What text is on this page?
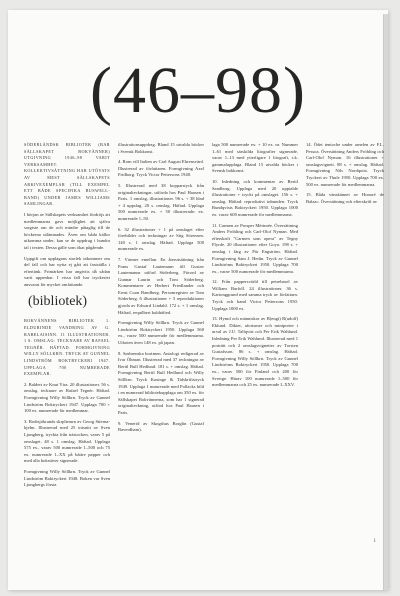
(46–98)

SÖDERLÄNDSK BIBLIOTEK (BAR SÄLLSKAPET BOKVÄNNER) UTGIVNING 1946–98 VARIT VERKSAMHET. KOLLEKTIVSÄTTNING HAR UTÖVATS AV MEST SÄLLSKAPETS ARKIVEXEMPLAR (TILL EXEMPEL ETT BÅDE SPECIFIKA BUSWELL-BAND) UNDER JAMES WILLIAMS SAMLINGAR.

I början av Sällskapets verksamhet fördröjs att medlemmarna gavs möjlighet att själva sorgiste om de och mindre påtaglig till de böckerna utlämnades. Även om båda källor utkomma under, kan se de uppdrag i hundra tal i texten. Dessa gälle som ökat pågående.

Uppgift om upplagans storlek utkommer om del fall och har nytta ej gått att fastställa i eftertänk. Frimärken har angivits då sådan varit uppenbar. I vissa fall har tryckeriet ansvarat för mycket omfattande.

(bibliotek)

BOKVÄNNENS BIBLIOTEK 1. ELDURINDE VANDRING AV G. RABELAISINN. 11 ILLUSTRATIONER. 1 S. OMSLAG: TECKNARE AV RAFAEL TEGNÉR. HÄFTAD. FORMGIVNING WILLY SÖLLKRN. TRYCK AV GUNNEL LINDSTRÖM BOKTRYCKERI 1947. UPPLAGA 700 NUMRERADE EXEMPLAR.

2. Baldert av Knut Ytra. 20 illustrationer. 56 s. omslag. tecknare av Rafael Tegnér. Häftad. Formgivning Willy Söllkrn. Tryck av Gunnel Lindström Boktryckeri 1947. Upplaga 700 + 100 ex. numrerade för medlemmar.

3. Bodisjökrands skrpltrmrn av Georg Stierna-hjelm. Illustrerad med 25 träsnitt av Sven Ljungberg, tryckta från trästocken, varav 5 på omslaget. 48 s. 1 omslag. Häftad. Upplaga 575 ex., varav 500 numrerade 1–500 och 75 ex. numrerade 1–XX på bättre papper och med alla bokstäver signerade.

Formgivning Willy Söllkrn. Tryck av Gunnel Lindström Boktryckeri 1948. Boken var Sven Ljungbergs första

illustrationsuppdrag. Bland 15 utvalda böcker i Svensk Bokkonst.

4. Rom vill Italien av Carl August Ehrensvärd. Illustrerad av författaren. Formgivning Axel Fridborg. Tryck Victor Pettersons 1948.

5. Illustrerad med 38 kopparstyck från originalteckningar, utförda hos Paul Haasen i Paris. 1 omslag, illustrationer. 96 s. + 38 blad + 4 uppslag. 20 s. omslag. Häftad. Upplaga 500 numrerade ex. + 50 illustrerade: ex. numrerade 1–50.

6. 32 illustrationer + 1 på omslaget efter förebilder och teckningar av Stig Sörensen. 140 s. 1 omslag. Häftad. Upplaga 500 numrerade ex.

7. Värmer emellan. En återutsättning från Frans Gustaf Lautemann till Gustav Lautemanns utförd Söderberg. Förord av Gunnar Laurin och Tom Söderberg. Kommentarer av Herbert Friedlander och Ernst Coon Bandberg. Personregister av Tom Söderberg. 6 illustrationer + 3 reproduktioner gjorda av Edward Lindahl. 172 s. + 1 omslag. Häftad, requilbert kuhhäfted.

Formgivning Willy Söllkrn. Tryck av Gunnel Lindström Boktryckeri 1950. Upplaga 560 ex., varav 500 numrerade för medlemmarna. Utboten även 148 ex. på japan.

8. Sørbrenska bortmen. Antologi redigerad av Ivar Öhman. Illustrerad med 37 teckningar av Bertil Bull Hedlund. 181 s. + omslag. Häftad. Formgivning Bertil Bull Hedlund och Willy Söllkrn. Tryck Kaxinge & Tidskriftstryck 1949. Upplaga 1 numrerade med Pollacks bild i en numrerad bibliotekupplaga om 350 ex. för Sällskapet Bokvännerna, som har 1 signerad originalteckning, utförd hos Paul Haasen i Paris.

9. Venerid av Skogshus Borglin (Gustaf Baverdham).

laga 500 numrerade ex. + 10 ex. nr. Nummer 1–61 med särskilda litografier signerade, varav 1–13 med ytterligare 1 litografi, s.k. gammalupplaga. Bland 15 utvalda böcker i Svensk bokkonst.

10. Inledning och kommentar av Bertil Sandborg. Upplaga med 20 upptalde illustrationer + tryckt på omslaget. 156 s. + omslag. Häftad: reprodutivt inbunden. Tryck Rundqvists Boktryckeri 1950. Upplaga 1000 ex. varav 600 numrerade för medlemmarna.

11. Carmen av Prosper Mérimée. Översättning Anders Fröhling och Carl-Olof Nyman. Med efterskrift "Carmen som opera" av Tegny Flyrde. 20 illustrationer efter Goya. 198 s. + omslag i färg av Pär Engström. Häftad. Formgivning Sam J. Hedin. Tryck av Gunnel Lindströms Boktryckeri 1950. Upplaga 700 ex., varav 500 numrerade för medlemmarna.

12. Från pappersvärld till petrebasel av William Barfoll. 24 illustrationer. 36 s. Kartonggrund med samma tryck av författarn. Tryck och band Victor Pettersons 1950. Upplaga 1000 ex.

13. Hymd och människor av B(engt) R(udolf) Eklund. Dikter, aforismer och miniporter i urval av J.U. Tallqvist och Per Erik Wahlund. Inledning Per Erik Wahlund. Illustrerad med 1 porträtt och 2 omslagsvignetter av Torsten Gustafsson. 86 s. + omslag. Häftad. Formgivning Willy Söllkrn. Tryck av Gunnel Lindströms Boktryckeri 1950. Upplaga 700 ex., varav 500 för Finland och 200 för Sverige. Härav 100 numrerade 1–500 för medlemmarna och 25 ex. numrerade I–XXV.

14. Ödet tentoche under arnelen av F.L. Pessoa. Översättning Anders Fröhling och Carl-Olof Nyman. 16 illustrationer + omslagsvignett. 88 s. + omslag. Häftad. Formgivning Nils Nordquist. Tryck Tryckeri av Thule 1950. Upplaga 700 ex. 500 ex. numrerade för medlemmarna.

15. Båda vänskännet av Honoré de Balzac. Översättning och efterskrift av

1
